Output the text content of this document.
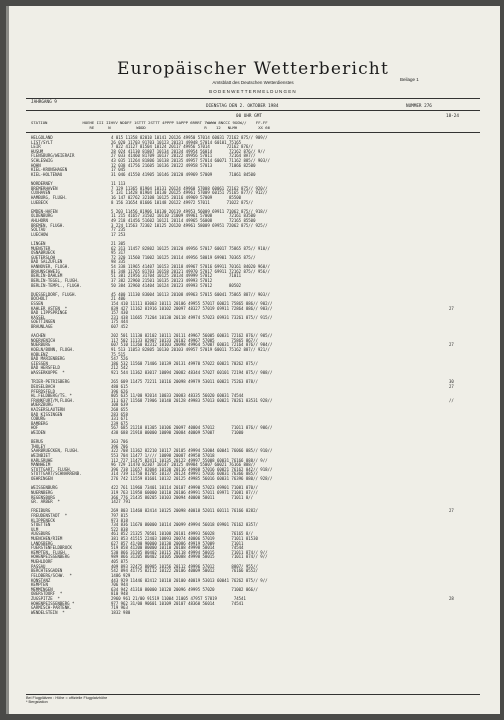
Europäischer Wetterbericht
Amtsblatt des Deutschen Wetterdienstes
Beilage 1
BODENWETTERMELDUNGEN
JAHRGANG 9
DIENSTAG DEN 2. OKTOBER 1984	NUMMER 276
00 UHR GMT	18-24
STATION               HOEHE III IIHVV NDDFF 1STTT 2STTT 4PPPP 5APPP 6RRRT 7WWWW 8NCCC 9GGW//    FF-FF
RE      N           WDDD                         R    12   NLMH         XX 66
HELGOLAND	4 015 11358 82010 10141 20126 49950 57014 60031 72162 875// 909//
LIST/SYLT	26 020 11703 91703 10123 20131 49948 57014 60101 75165
LEIR	7 022 41127 81504 10124 20117 49956 57014       72162 876//
HUSUM	28 024 41130 81807 10134 20134 49954 56014       72162 876// 9//
FLENSBURG/WEIERAIR	27 033 41460 81709 10137 20122 49956 57011       72164 8A7//
SCHLESWIG	43 035 11264 81806 10138 20135 49957 57014 60071 71162 885// 903//
HOHN	12 038 41756 21605 10136 20122 49958 57013       71066 82500
KIEL-KRONSHAGEN	17 045
KIEL-HOLTENAU	31 046 41550 41905 10146 20120 49969 57009       71061 84500
NORDERNEY	11 113
BREMERHAVEN	7 129 11365 81904 10131 20124 49960 57008 60061 72162 875// 920//
CUXHAVEN	5 131 11428 81904 10130 20125 49961 57009 60151 75165 877// 912//
HAMBURG, FLUGH.	16 147 82762 32108 10125 20116 49969 57009       85500
LUEBECK	8 156 31654 81606 10148 20122 49972 57011       71022 875//
EMDEN-HAFEN	5 203 11456 81906 10130 20119 49953 56009 69911 71062 875// 918//
OLDENBURG	11 215 41657 31502 10110 21009 49961 57008       72161 83500
AHLHORN	49 218 41456 51602 10121 20114 49965 56008       72165 85500
BREMEN, FLUGH.	3 224 11563 72302 10125 20120 49961 58009 69951 72062 875// 925//
SOLTAU	77 235
LUECHOW	17 253
LINGEN	21 305
MUENSTER	62 313 11457 82802 10125 20120 49956 57017 60017 75865 875// 910//
OSNABRUECK	95 317
GUETERSLOH	72 320 11560 71002 10125 20114 49956 58019 69901 70365 875//
BAD SALZUFLEN	98 335
HANNOVER, FLUGH.	54 338 11965 41407 10153 20118 49967 57016 69911 70161 84020 960//
BRAUNSCHWEIG	81 348 11765 81703 10158 20121 49970 57017 69911 72162 875// 956//
BERLIN-DAHLEM	51 381 21956 31704 10125 20134 49999 57012       71011
BERLIN-TEGEL, FLUGH.	37 382 22960 21501 10135 20123 49993 57012
BERLIN-TEMPL., FLUGH.	50 384 32960 41404 10124 20123 49993 57012       80502
DUESSELDORF, FLUGH.	45 400 11130 83004 10113 20108 49963 57015 60041 75865 887// 903//
BOCHOLT	21 406
ESSEN	154 410 11111 83003 10111 20106 49955 57017 60021 75865 886// 902//
KAHLER ASTEN  *	839 427 11162 81916 10102 20097 48327 57019 69911 72864 886// 903//	27
BAD LIPPSPRINGE	157 430
KASSEL	231 438 11665 71204 10130 20118 49974 57023 69931 73261 875// 915//
GOETTINGEN	175 444
BRAUNLAGE	607 452
AACHEN	202 501 11130 82102 10111 20111 49967 56005 60031 72162 876// 905//
NOERVENICH	117 502 11133 82907 10133 20102 49967 57005       75865 867//
NUERBURG	607 510 11260 82312 10103 20098 49964 57007 60031 72164 876// 904//	27
KOELN/BONN, FLUGH.	91 513 11053 82805 10130 20103 49957 57019 60011 75162 887// 921//
KOBLENZ	75 515
BAD MARIENBERG	547 526
GIESSEN	186 532 11560 71406 10139 20131 49970 57022 60021 70262 875//
BAD HERSFELD	212 542
WASSERKUPPE  *	921 544 11362 83017 10094 20082 48344 57027 60101 72194 875// 908//
TRIER-PETRISBERG	265 609 11475 72211 10116 20098 49979 53011 60021 75263 878//	30
DEUSELBACH	480 615	27
PFERDSFELD	396 626
HL.FELDBERG/TS. *	805 635 11/00 92014 10033 20083 48335 56020 60031 74544
FRANKFURT/M,FLUGH.	111 637 11568 71906 10140 20128 49983 57013 60021 70261 83531 928//	//
WUERZBURG	108 639
KAISERSLAUTERN	268 655
BAD KISSINGEN	283 658
COBURG	331 671
BAMBERG	239 675
HOF	567 685 21218 81305 10106 20097 40004 57012       71011 876// 906//
WEIDEN	438 688 21918 00000 10090 20084 40009 57007       71000
BERUS	363 706
THOLEY	396 706
SAARBRUECKEN, FLUGH.	322 708 11362 82210 10117 20105 49994 53004 60041 76066 885// 910//
WEINBIET	553 704 11477 1//// 10098 20087 49958 57018
KARLSRUHE	112 727 11475 82411 10135 20122 49997 55008 60031 76166 888// 9//
MANNHEIM	96 729 11470 82307 10147 20125 49984 55007 60021 76166 888//
STUTTGART, FLUGH.	396 738 11657 82004 10130 20116 49988 57016 60021 76162 842// 918//
STUTTGART/SCHNARRENB.	314 739 11750 81705 10137 20124 49991 57016 60031 76366 885//
OEHRINGEN	276 742 11559 81601 10132 20125 49985 56016 60031 76396 880// 928//
WEISSENBURG	422 761 11960 73401 10114 20107 49990 57023 69901 71081 870//
NUERNBERG	319 763 11958 60000 10110 20106 49991 57011 69971 71081 87///
REGENSBURG	366 776 21435 80205 10103 20094 40000 58011       71011 8//
GR. ARBER  *	1427 791
FREIBURG	269 803 11460 82414 10125 20098 40018 52011 60111 76166 8282/	27
FREUDENSTADT  *	797 815
KLIPPENECK	973 818
STOETTEN	734 836 11670 80000 10114 20099 49994 56018 69901 76162 8357/
ULM	522 838
AUGSBURG	461 852 21325 70501 10108 20101 49993 56028       76165 8//
MUENCHEN/RIEM	381 853 41515 22403 10093 20074 40006 57019       71011 81530
LANDSBERG	627 857 41/00 90000 10130 20086 49919 57009       71011
FUERSTENFELDBRUCK	519 858 41200 80000 10110 20108 49998 58014       74544
KEMPTEN, FLUGH.	530 866 31205 80402 10115 20118 49994 58015       71011 874// 9//
HOHENPEISSENBERG	989 866 31205 80402 10105 20088 49998 58015       71011 874// 9//
MUEHLDORF	405 875
PASSAU	409 893 32475 80905 10156 20112 49996 57012       8807/ 955//
BERCHTESGADEN	542 894 41775 82112 10122 20106 40009 50012       76166 8552/
FELDBERG/SCHW.  *	1486 929
KONSTANZ	443 929 11446 82412 10110 20100 40019 53013 60041 76262 875// 9//
KEMPTEN	706 944
MEMMINGEN	634 942 41310 80000 10120 20096 49995 57020       71002 866//
OBERSTDORF  *	810 948
ZUGSPITZE  *	2960 961 21/00 91519 11004 21005 47957 57019       74541	28
HOHENPEISSENBERG *	977 962 31/00 90601 10109 20107 48360 56014       74541
GARMISCH-PARTENK.	719 963
WENDELSTEIN  *	1832 980
Bei Flugplätzen : Höhe = offizielle Flugplatzhöhe
* Bergstation
